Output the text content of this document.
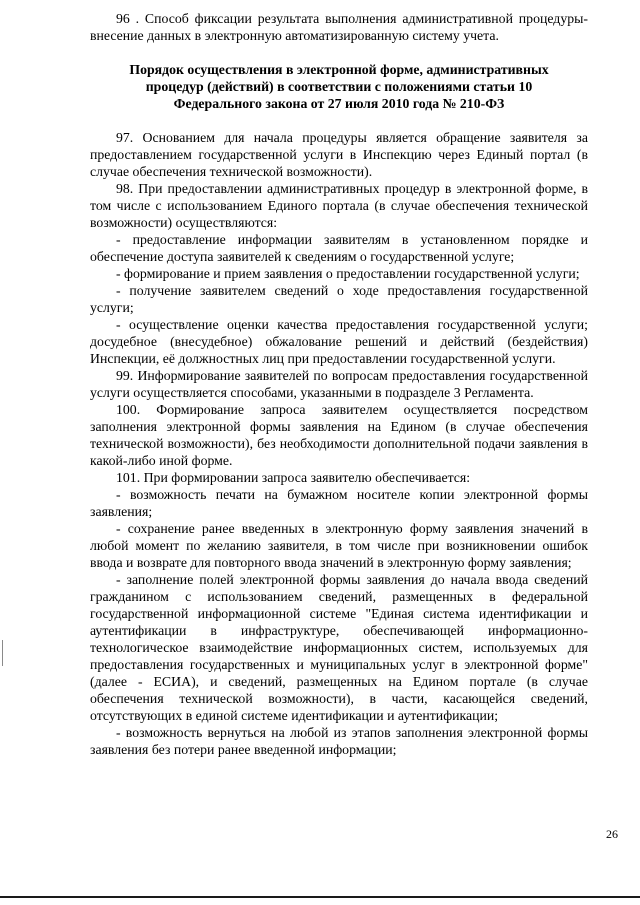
96 . Способ фиксации результата выполнения административной процедуры-внесение данных в электронную автоматизированную систему учета.

Порядок осуществления в электронной форме, административных процедур (действий) в соответствии с положениями статьи 10 Федерального закона от 27 июля 2010 года № 210-ФЗ

97. Основанием для начала процедуры является обращение заявителя за предоставлением государственной услуги в Инспекцию через Единый портал (в случае обеспечения технической возможности).

98. При предоставлении административных процедур в электронной форме, в том числе с использованием Единого портала (в случае обеспечения технической возможности) осуществляются:

- предоставление информации заявителям в установленном порядке и обеспечение доступа заявителей к сведениям о государственной услуге;

- формирование и прием заявления о предоставлении государственной услуги;

- получение заявителем сведений о ходе предоставления государственной услуги;

- осуществление оценки качества предоставления государственной услуги; досудебное (внесудебное) обжалование решений и действий (бездействия) Инспекции, её должностных лиц при предоставлении государственной услуги.

99. Информирование заявителей по вопросам предоставления государственной услуги осуществляется способами, указанными в подразделе 3 Регламента.

100. Формирование запроса заявителем осуществляется посредством заполнения электронной формы заявления на Едином (в случае обеспечения технической возможности), без необходимости дополнительной подачи заявления в какой-либо иной форме.

101. При формировании запроса заявителю обеспечивается:

- возможность печати на бумажном носителе копии электронной формы заявления;

- сохранение ранее введенных в электронную форму заявления значений в любой момент по желанию заявителя, в том числе при возникновении ошибок ввода и возврате для повторного ввода значений в электронную форму заявления;

- заполнение полей электронной формы заявления до начала ввода сведений гражданином с использованием сведений, размещенных в федеральной государственной информационной системе "Единая система идентификации и аутентификации в инфраструктуре, обеспечивающей информационно-технологическое взаимодействие информационных систем, используемых для предоставления государственных и муниципальных услуг в электронной форме" (далее - ЕСИА), и сведений, размещенных на Едином портале (в случае обеспечения технической возможности), в части, касающейся сведений, отсутствующих в единой системе идентификации и аутентификации;

- возможность вернуться на любой из этапов заполнения электронной формы заявления без потери ранее введенной информации;

26
